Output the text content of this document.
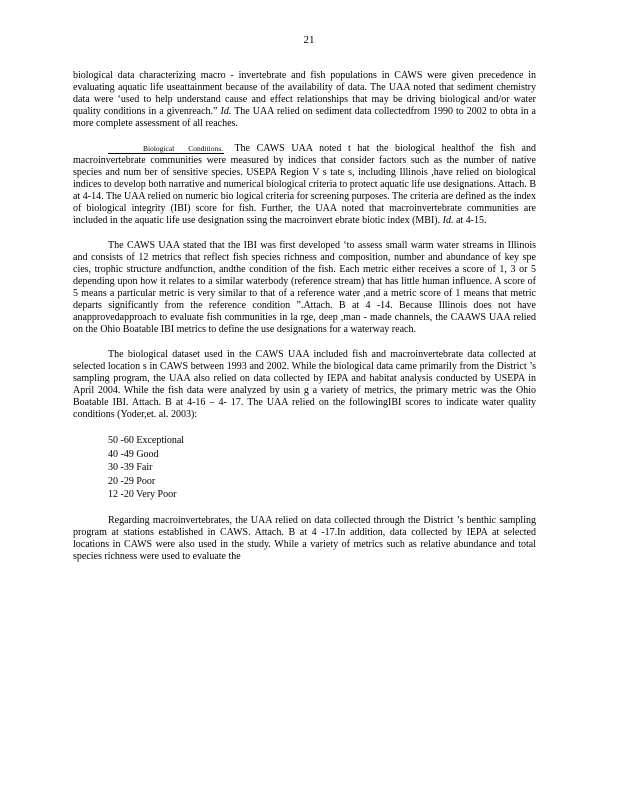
21

biological data characterizing macro - invertebrate and fish populations in CAWS were given precedence in evaluating aquatic life useattainment because of the availability of data. The UAA noted that sediment chemistry data were ‘used to help understand cause and effect relationships that may be driving biological and/or water quality conditions in a givenreach.” Id. The UAA relied on sediment data collectedfrom 1990 to 2002 to obta in a more complete assessment of all reaches.

Biological Conditions. The CAWS UAA noted t hat the biological healthof the fish and macroinvertebrate communities were measured by indices that consider factors such as the number of native species and num ber of sensitive species. USEPA Region V s tate s, including Illinois ,have relied on biological indices to develop both narrative and numerical biological criteria to protect aquatic life use designations. Attach. B at 4-14. The UAA relied on numeric bio logical criteria for screening purposes. The criteria are defined as the index of biological integrity (IBI) score for fish. Further, the UAA noted that macroinvertebrate communities are included in the aquatic life use designation ssing the macroinvert ebrate biotic index (MBI). Id. at 4-15.

The CAWS UAA stated that the IBI was first developed ‘to assess small warm water streams in Illinois and consists of 12 metrics that reflect fish species richness and composition, number and abundance of key spe cies, trophic structure andfunction, andthe condition of the fish. Each metric either receives a score of 1, 3 or 5 depending upon how it relates to a similar waterbody (reference stream) that has little human influence. A score of 5 means a particular metric is very similar to that of a reference water ,and a metric score of 1 means that metric departs significantly from the reference condition ”.Attach. B at 4 -14. Because Illinois does not have anapprovedapproach to evaluate fish communities in la rge, deep ,man - made channels, the CAAWS UAA relied on the Ohio Boatable IBI metrics to define the use designations for a waterway reach.

The biological dataset used in the CAWS UAA included fish and macroinvertebrate data collected at selected location s in CAWS between 1993 and 2002. While the biological data came primarily from the District ’s sampling program, the UAA also relied on data collected by IEPA and habitat analysis conducted by USEPA in April 2004. While the fish data were analyzed by usin g a variety of metrics, the primary metric was the Ohio Boatable IBI. Attach. B at 4-16 – 4- 17. The UAA relied on the followingIBI scores to indicate water quality conditions (Yoder,et. al. 2003):

50 -60 Exceptional
40 -49 Good
30 -39 Fair
20 -29 Poor
12 -20 Very Poor

Regarding macroinvertebrates, the UAA relied on data collected through the District ’s benthic sampling program at stations established in CAWS. Attach. B at 4 -17.In addition, data collected by IEPA at selected locations in CAWS were also used in the study. While a variety of metrics such as relative abundance and total species richness were used to evaluate the
